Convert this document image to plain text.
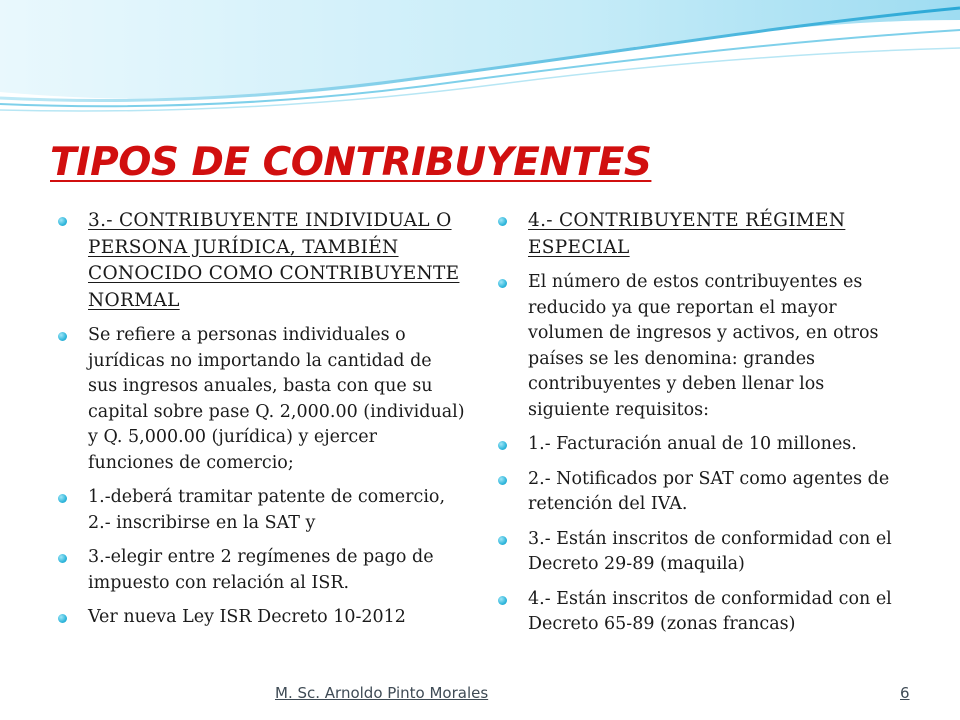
TIPOS DE CONTRIBUYENTES
3.- CONTRIBUYENTE INDIVIDUAL O PERSONA JURÍDICA, TAMBIÉN CONOCIDO COMO CONTRIBUYENTE NORMAL
Se refiere a personas individuales o jurídicas no importando la cantidad de sus ingresos anuales, basta con que su capital sobre pase Q. 2,000.00 (individual) y Q. 5,000.00 (jurídica) y ejercer funciones de comercio;
1.-deberá tramitar patente de comercio, 2.- inscribirse en la SAT y
3.-elegir entre 2 regímenes de pago de impuesto con relación al ISR.
Ver nueva Ley ISR Decreto 10-2012
4.- CONTRIBUYENTE RÉGIMEN ESPECIAL
El número de estos contribuyentes es reducido ya que reportan el mayor volumen de ingresos y activos, en otros países se les denomina: grandes contribuyentes y deben llenar los siguiente requisitos:
1.- Facturación anual de 10 millones.
2.- Notificados por SAT como agentes de retención del IVA.
3.- Están inscritos de conformidad con el Decreto 29-89 (maquila)
4.- Están inscritos de conformidad con el Decreto 65-89 (zonas francas)
M. Sc. Arnoldo Pinto Morales	6
